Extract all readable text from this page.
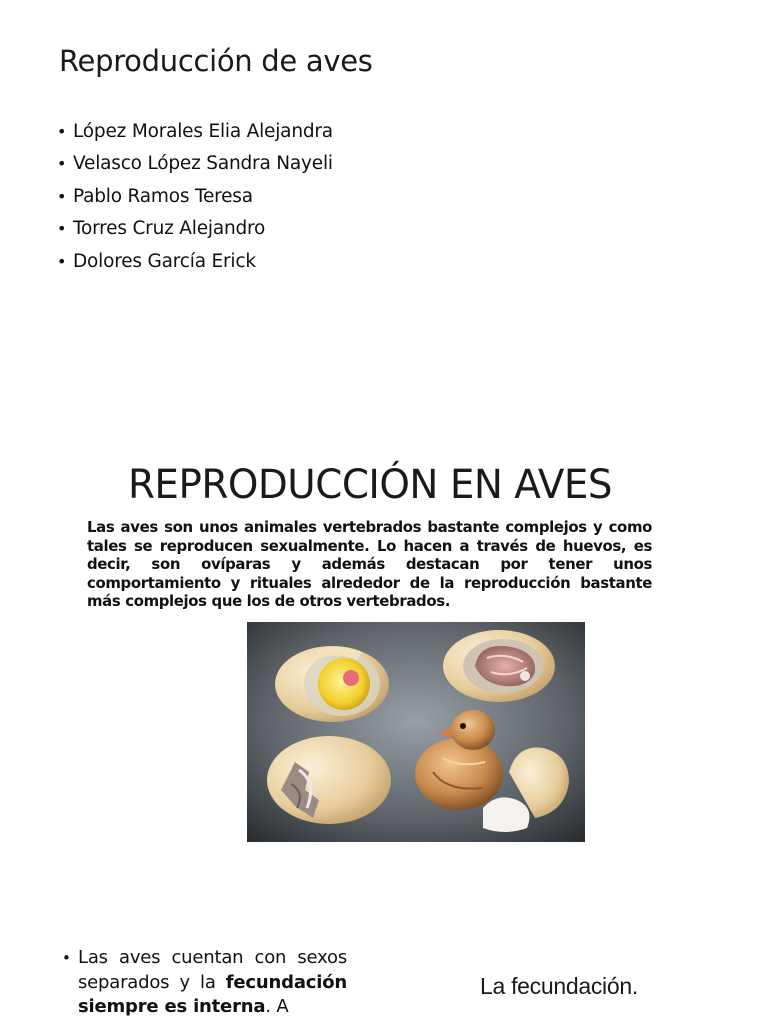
Reproducción de aves
• López Morales Elia Alejandra
• Velasco López Sandra Nayeli
• Pablo Ramos Teresa
• Torres Cruz Alejandro
• Dolores García Erick
REPRODUCCIÓN EN AVES
Las aves son unos animales vertebrados bastante complejos y como tales se reproducen sexualmente. Lo hacen a través de huevos, es decir, son ovíparas y además destacan por tener unos comportamiento y rituales alrededor de la reproducción bastante más complejos que los de otros vertebrados.
• Las aves cuentan con sexos separados y la fecundación siempre es interna. A
La fecundación.
